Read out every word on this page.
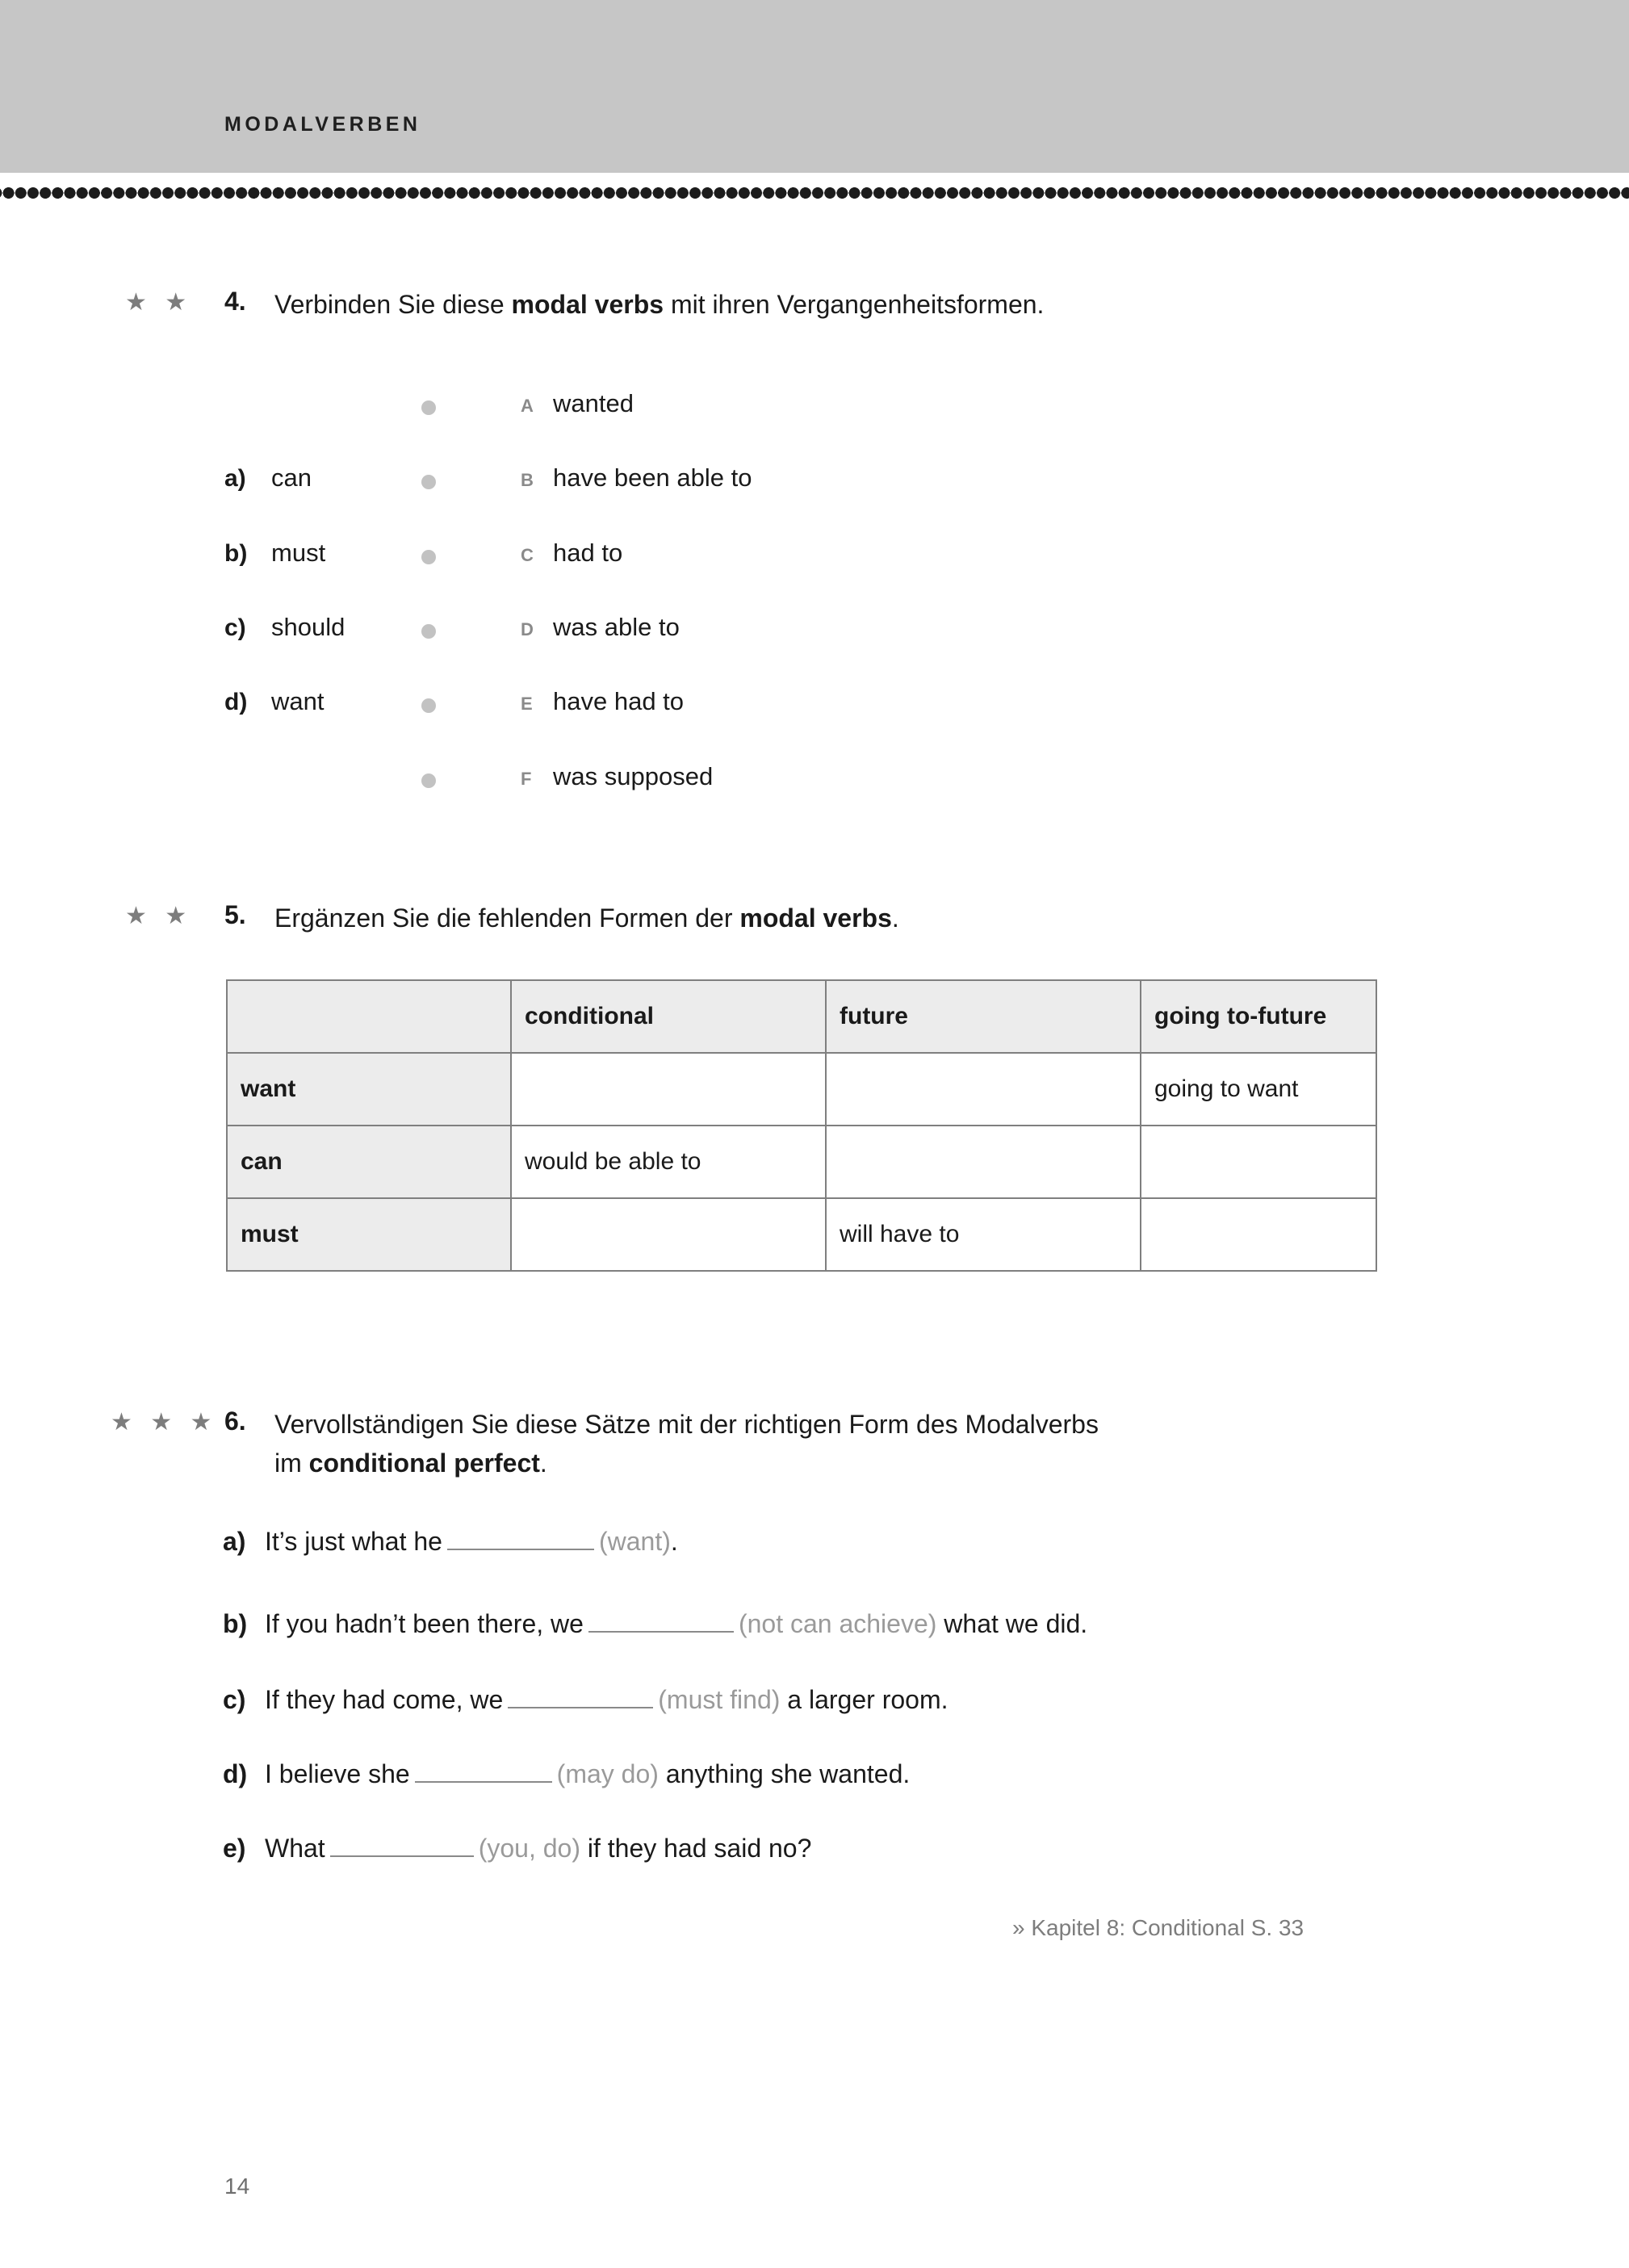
MODALVERBEN
★ ★ 4. Verbinden Sie diese modal verbs mit ihren Vergangenheitsformen.
A wanted
a)	can	B have been able to
b) must	C had to
c)	should	D was able to
d) want	E have had to
F was supposed
★ ★ 5. Ergänzen Sie die fehlenden Formen der modal verbs.
	conditional	future	going to-future
want			going to want
can	would be able to		
must		will have to	
★ ★ ★ 6. Vervollständigen Sie diese Sätze mit der richtigen Form des Modalverbs
im conditional perfect.
a) It’s just what he	(want).
b) If you hadn’t been there, we	(not can achieve) what we did.
c) If they had come, we	(must find) a larger room.
d) I believe she	(may do) anything she wanted.
e) What	(you, do) if they had said no?
» Kapitel 8: Conditional S. 33
14
